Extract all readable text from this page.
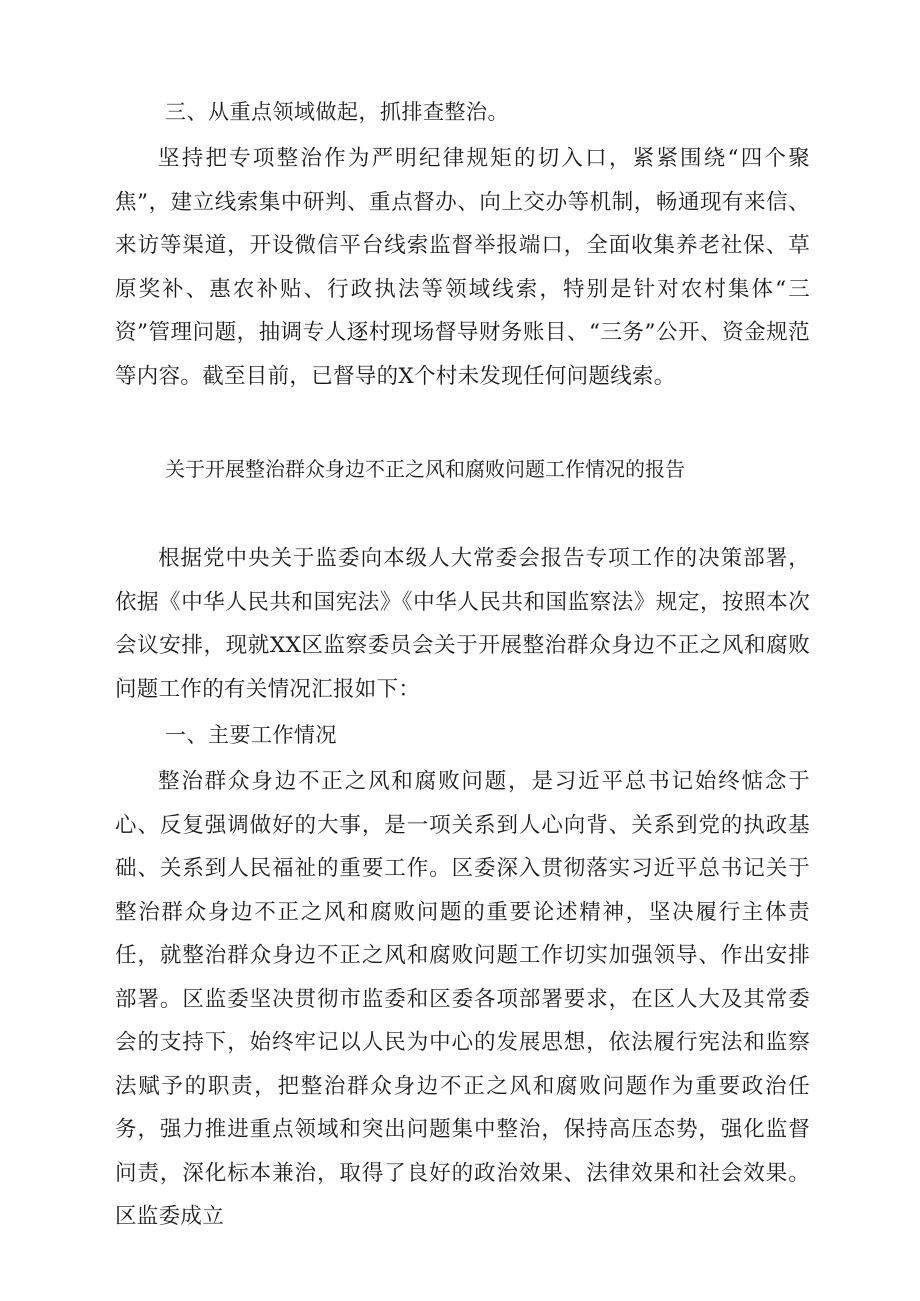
三、从重点领域做起，抓排查整治。

坚持把专项整治作为严明纪律规矩的切入口，紧紧围绕“四个聚焦”，建立线索集中研判、重点督办、向上交办等机制，畅通现有来信、来访等渠道，开设微信平台线索监督举报端口，全面收集养老社保、草原奖补、惠农补贴、行政执法等领域线索，特别是针对农村集体“三资”管理问题，抽调专人逐村现场督导财务账目、“三务”公开、资金规范等内容。截至目前，已督导的X个村未发现任何问题线索。

关于开展整治群众身边不正之风和腐败问题工作情况的报告

根据党中央关于监委向本级人大常委会报告专项工作的决策部署，依据《中华人民共和国宪法》《中华人民共和国监察法》规定，按照本次会议安排，现就XX区监察委员会关于开展整治群众身边不正之风和腐败问题工作的有关情况汇报如下：

一、主要工作情况

整治群众身边不正之风和腐败问题，是习近平总书记始终惦念于心、反复强调做好的大事，是一项关系到人心向背、关系到党的执政基础、关系到人民福祉的重要工作。区委深入贯彻落实习近平总书记关于整治群众身边不正之风和腐败问题的重要论述精神，坚决履行主体责任，就整治群众身边不正之风和腐败问题工作切实加强领导、作出安排部署。区监委坚决贯彻市监委和区委各项部署要求，在区人大及其常委会的支持下，始终牢记以人民为中心的发展思想，依法履行宪法和监察法赋予的职责，把整治群众身边不正之风和腐败问题作为重要政治任务，强力推进重点领域和突出问题集中整治，保持高压态势，强化监督问责，深化标本兼治，取得了良好的政治效果、法律效果和社会效果。区监委成立
